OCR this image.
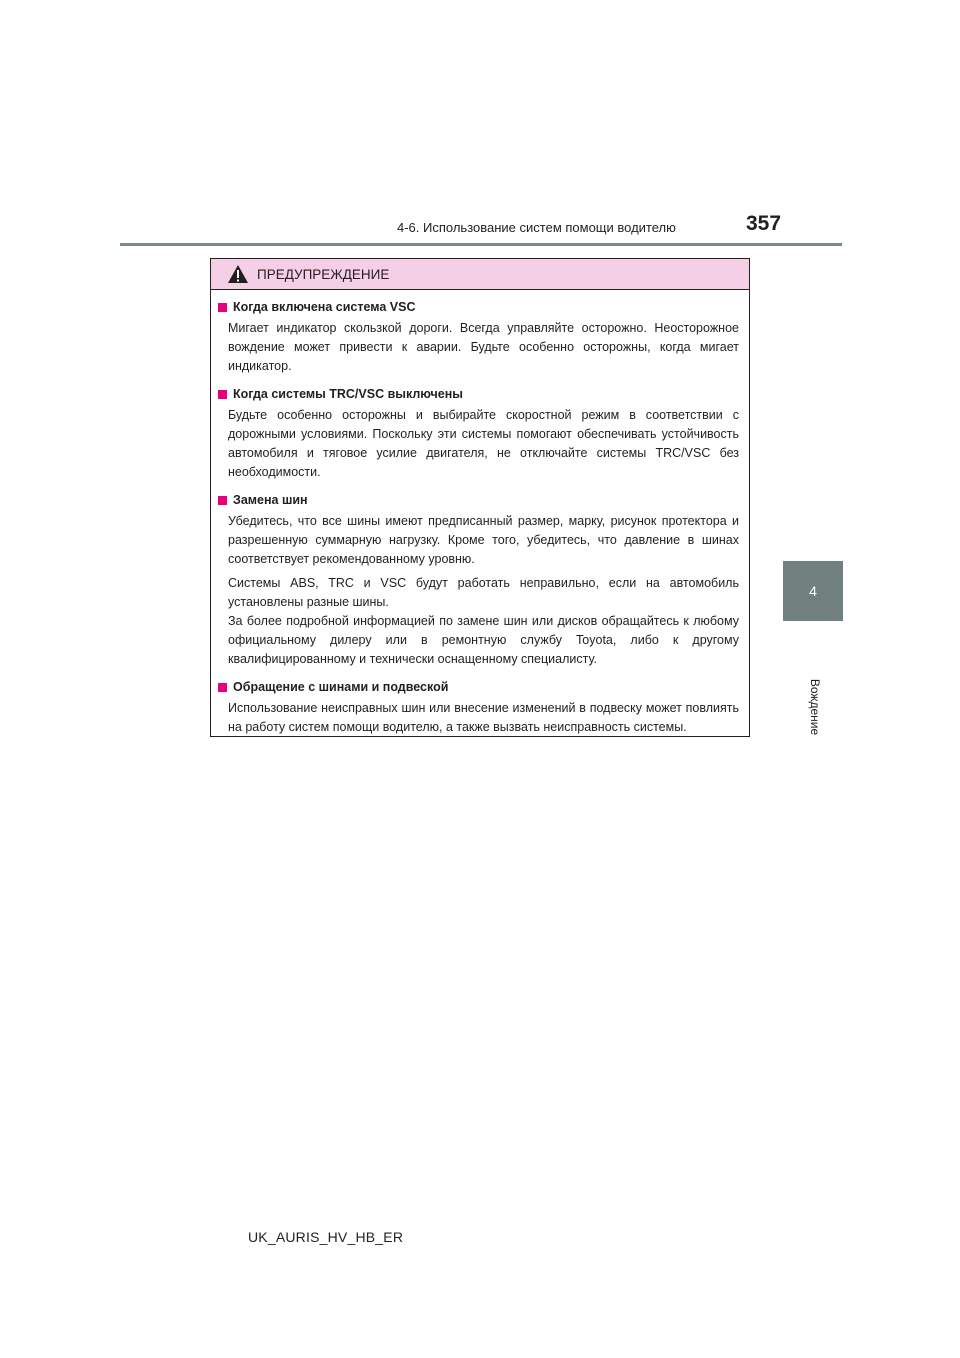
4-6. Использование систем помощи водителю	357
4
Вождение
ПРЕДУПРЕЖДЕНИЕ
Когда включена система VSC

Мигает индикатор скользкой дороги. Всегда управляйте осторожно. Неосторожное вождение может привести к аварии. Будьте особенно осторожны, когда мигает индикатор.

Когда системы TRC/VSC выключены

Будьте особенно осторожны и выбирайте скоростной режим в соответствии с дорожными условиями. Поскольку эти системы помогают обеспечивать устойчивость автомобиля и тяговое усилие двигателя, не отключайте системы TRC/VSC без необходимости.

Замена шин

Убедитесь, что все шины имеют предписанный размер, марку, рисунок протектора и разрешенную суммарную нагрузку. Кроме того, убедитесь, что давление в шинах соответствует рекомендованному уровню.

Системы ABS, TRC и VSC будут работать неправильно, если на автомобиль установлены разные шины.

За более подробной информацией по замене шин или дисков обращайтесь к любому официальному дилеру или в ремонтную службу Toyota, либо к другому квалифицированному и технически оснащенному специалисту.

Обращение с шинами и подвеской

Использование неисправных шин или внесение изменений в подвеску может повлиять на работу систем помощи водителю, а также вызвать неисправность системы.

UK_AURIS_HV_HB_ER
